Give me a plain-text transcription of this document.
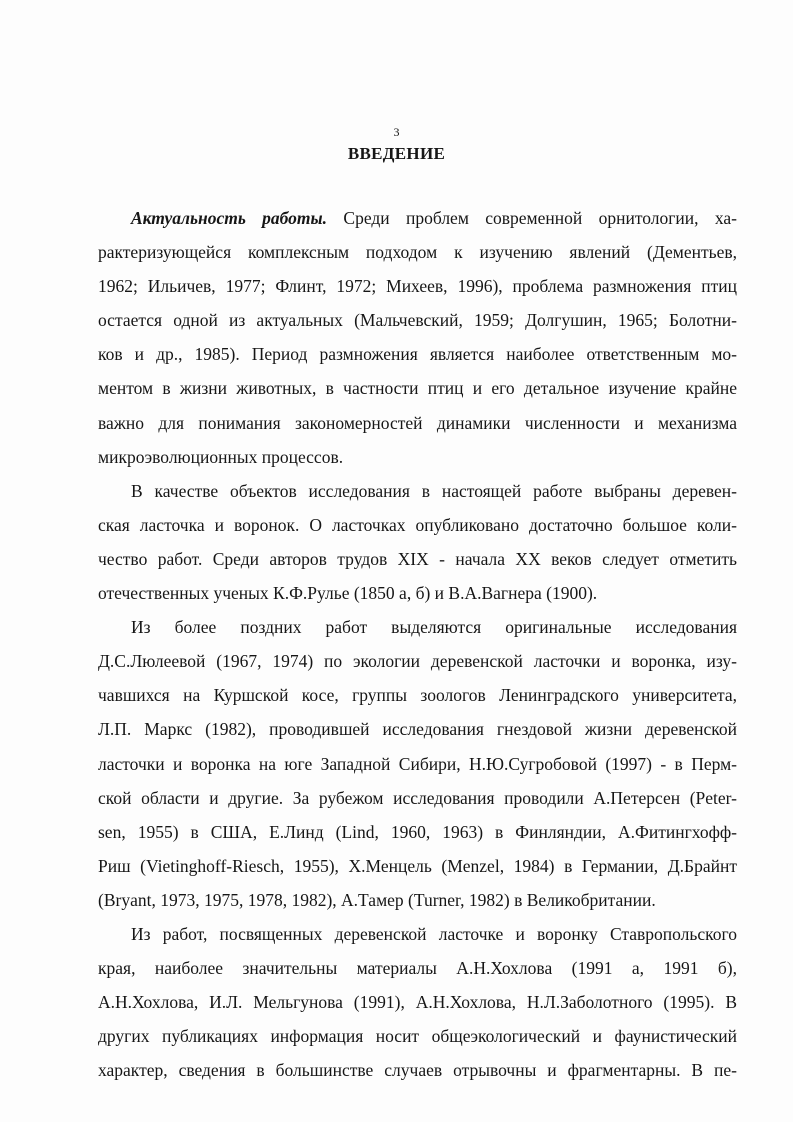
3
ВВЕДЕНИЕ
Актуальность работы. Среди проблем современной орнитологии, ха-
рактеризующейся комплексным подходом к изучению явлений (Дементьев,
1962; Ильичев, 1977; Флинт, 1972; Михеев, 1996), проблема размножения птиц
остается одной из актуальных (Мальчевский, 1959; Долгушин, 1965; Болотни-
ков и др., 1985). Период размножения является наиболее ответственным мо-
ментом в жизни животных, в частности птиц и его детальное изучение крайне
важно для понимания закономерностей динамики численности и механизма
микроэволюционных процессов.
В качестве объектов исследования в настоящей работе выбраны деревен-
ская ласточка и воронок. О ласточках опубликовано достаточно большое коли-
чество работ. Среди авторов трудов XIX - начала XX веков следует отметить
отечественных ученых К.Ф.Рулье (1850 а, б) и В.А.Вагнера (1900).
Из более поздних работ выделяются оригинальные исследования
Д.С.Люлеевой (1967, 1974) по экологии деревенской ласточки и воронка, изу-
чавшихся на Куршской косе, группы зоологов Ленинградского университета,
Л.П. Маркс (1982), проводившей исследования гнездовой жизни деревенской
ласточки и воронка на юге Западной Сибири, Н.Ю.Сугробовой (1997) - в Перм-
ской области и другие. За рубежом исследования проводили А.Петерсен (Peter-
sen, 1955) в США, Е.Линд (Lind, 1960, 1963) в Финляндии, А.Фитингхофф-
Риш (Vietinghoff-Riesch, 1955), Х.Менцель (Menzel, 1984) в Германии, Д.Брайнт
(Bryant, 1973, 1975, 1978, 1982), А.Тамер (Turner, 1982) в Великобритании.
Из работ, посвященных деревенской ласточке и воронку Ставропольского
края, наиболее значительны материалы А.Н.Хохлова (1991 а, 1991 б),
А.Н.Хохлова, И.Л. Мельгунова (1991), А.Н.Хохлова, Н.Л.Заболотного (1995). В
других публикациях информация носит общеэкологический и фаунистический
характер, сведения в большинстве случаев отрывочны и фрагментарны. В пе-
